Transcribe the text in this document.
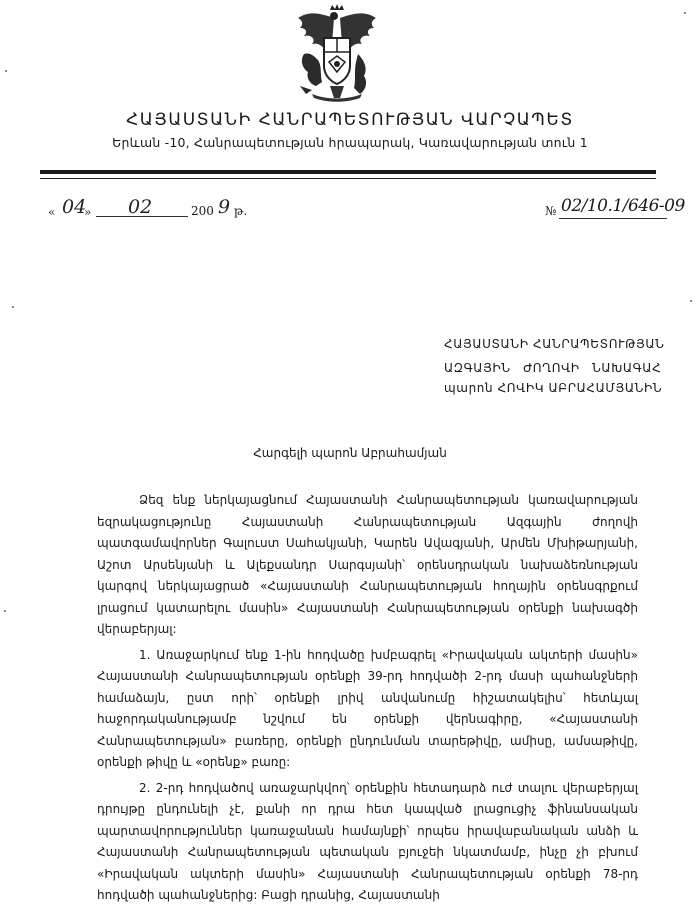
ՀԱՅԱՍՏԱՆԻ ՀԱՆՐԱՊԵՏՈՒԹՅԱՆ ՎԱՐՉԱՊԵՏ
Երևան -10, Հանրապետության հրապարակ, Կառավարության տուն 1
« 04
» 02	200 9 թ.	№ 02/10.1/646-09
ՀԱՅԱՍՏԱՆԻ ՀԱՆՐԱՊԵՏՈՒԹՅԱՆ
ԱԶԳԱՅԻՆ ԺՈՂՈՎԻ ՆԱԽԱԳԱՀ
պարոն ՀՈՎԻԿ ԱԲՐԱՀԱՄՅԱՆԻՆ
Հարգելի պարոն Աբրահամյան

Ձեզ ենք ներկայացնում Հայաստանի Հանրապետության կառավարության եզրակացությունը Հայաստանի Հանրապետության Ազգային ժողովի պատգամավորներ Գալուստ Սահակյանի, Կարեն Ավագյանի, Արմեն Մխիթարյանի, Աշոտ Արսենյանի և Ալեքսանդր Սարգսյանի՝ օրենսդրական նախաձեռնության կարգով ներկայացրած «Հայաստանի Հանրապետության հողային օրենսգրքում լրացում կատարելու մասին» Հայաստանի Հանրապետության օրենքի նախագծի վերաբերյալ:

1. Առաջարկում ենք 1-ին հոդվածը խմբագրել «Իրավական ակտերի մասին» Հայաստանի Հանրապետության օրենքի 39-րդ հոդվածի 2-րդ մասի պահանջների համաձայն, ըստ որի՝ օրենքի լրիվ անվանումը հիշատակելիս՝ հետևյալ հաջորդականությամբ նշվում են օրենքի վերնագիրը, «Հայաստանի Հանրապետության» բառերը, օրենքի ընդունման տարեթիվը, ամիսը, ամսաթիվը, օրենքի թիվը և «օրենք» բառը:

2. 2-րդ հոդվածով առաջարկվող՝ օրենքին հետադարձ ուժ տալու վերաբերյալ դրույթը ընդունելի չէ, քանի որ դրա հետ կապված լրացուցիչ ֆինանսական պարտավորություններ կառաջանան համայնքի՝ որպես իրավաբանական անձի և Հայաստանի Հանրապետության պետական բյուջեի նկատմամբ, ինչը չի բխում «Իրավական ակտերի մասին» Հայաստանի Հանրապետության օրենքի 78-րդ հոդվածի պահանջներից: Բացի դրանից, Հայաստանի
